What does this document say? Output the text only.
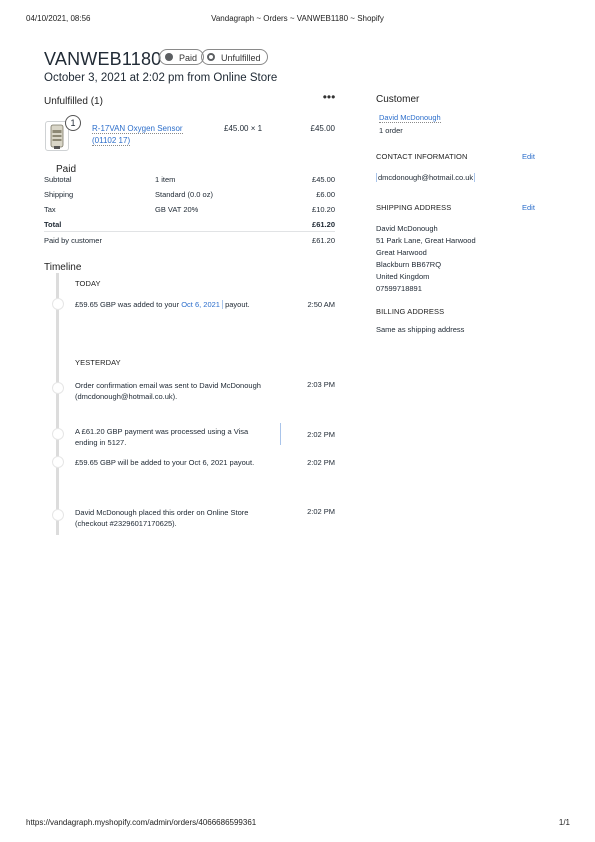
04/10/2021, 08:56	Vandagraph ~ Orders ~ VANWEB1180 ~ Shopify
VANWEB1180	Paid	Unfulfilled
October 3, 2021 at 2:02 pm from Online Store
Unfulfilled (1)	•••
1
R-17VAN Oxygen Sensor
(01102 17)
£45.00 × 1	£45.00
Paid
Subtotal	1 item	£45.00
Shipping	Standard (0.0 oz)	£6.00
Tax	GB VAT 20%	£10.20
Total	£61.20
Paid by customer	£61.20
Timeline
TODAY
£59.65 GBP was added to your Oct 6, 2021 payout.	2:50 AM
YESTERDAY
Order confirmation email was sent to David McDonough
(dmcdonough@hotmail.co.uk).
2:03 PM
A £61.20 GBP payment was processed using a Visa
ending in 5127.
2:02 PM
£59.65 GBP will be added to your Oct 6, 2021 payout.	2:02 PM
David McDonough placed this order on Online Store
(checkout #23296017170625).
2:02 PM
Customer
David McDonough
1 order
CONTACT INFORMATION	Edit
dmcdonough@hotmail.co.uk
SHIPPING ADDRESS	Edit
David McDonough
51 Park Lane, Great Harwood
Great Harwood
Blackburn BB67RQ
United Kingdom
07599718891
BILLING ADDRESS
Same as shipping address
https://vandagraph.myshopify.com/admin/orders/4066686599361	1/1
